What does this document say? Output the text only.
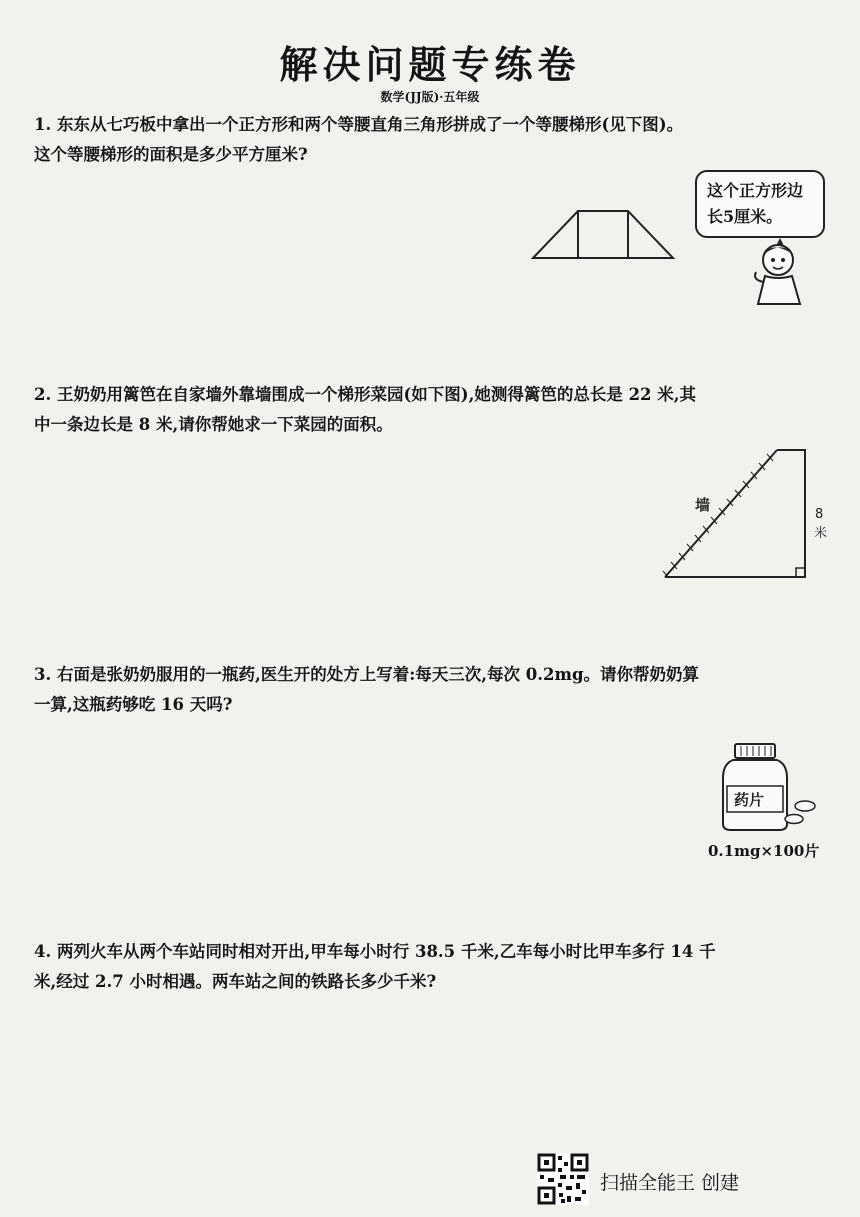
解决问题专练卷
数学(JJ版)·五年级
1. 东东从七巧板中拿出一个正方形和两个等腰直角三角形拼成了一个等腰梯形(见下图)。
这个等腰梯形的面积是多少平方厘米?
这个正方形边
长5厘米。
2. 王奶奶用篱笆在自家墙外靠墙围成一个梯形菜园(如下图),她测得篱笆的总长是 22 米,其
中一条边长是 8 米,请你帮她求一下菜园的面积。
墙
8
米
3. 右面是张奶奶服用的一瓶药,医生开的处方上写着:每天三次,每次 0.2mg。请你帮奶奶算
一算,这瓶药够吃 16 天吗?
药片
0.1mg×100片
4. 两列火车从两个车站同时相对开出,甲车每小时行 38.5 千米,乙车每小时比甲车多行 14 千
米,经过 2.7 小时相遇。两车站之间的铁路长多少千米?
扫描全能王 创建
